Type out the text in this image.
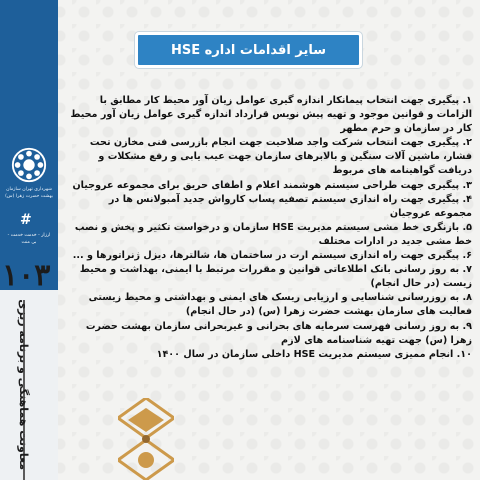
شهرداری تهران سازمان بهشت حضرت زهرا (س)
#
ارزار - خدمت خدمت - بی منت
۱۰۳
معاونت هماهنگی و برنامه ریزی
سایر اقدامات اداره HSE

۱. پیگیری جهت انتخاب پیمانکار اندازه گیری عوامل زیان آور محیط کار مطابق با الزامات و قوانین موجود و تهیه پیش نویس قرارداد اندازه گیری عوامل زیان آور محیط کار در سازمان و حرم مطهر

۲. پیگیری جهت انتخاب شرکت واجد صلاحیت جهت انجام بازرسی فنی مخازن تحت فشار، ماشین آلات سنگین و بالابرهای سازمان جهت عیب یابی و رفع مشکلات و دریافت گواهینامه های مربوط

۳. پیگیری جهت طراحی سیستم هوشمند اعلام و اطفای حریق برای مجموعه عروجیان

۴. پیگیری جهت راه اندازی سیستم تصفیه پساب کارواش جدید آمبولانس ها در مجموعه عروجیان

۵. بازنگری خط مشی سیستم مدیریت HSE سازمان و درخواست تکثیر و پخش و نصب خط مشی جدید در ادارات مختلف

۶. پیگیری جهت راه اندازی سیستم ارت در ساختمان ها، شالترها، دیزل ژنراتورها و ...

۷. به روز رسانی بانک اطلاعاتی قوانین و مقررات مرتبط با ایمنی، بهداشت و محیط زیست (در حال انجام)

۸. به روزرسانی شناسایی و ارزیابی ریسک های ایمنی و بهداشتی و محیط زیستی فعالیت های سازمان بهشت حضرت زهرا (س) (در حال انجام)

۹. به روز رسانی فهرست سرمایه های بحرانی و غیربحرانی سازمان بهشت حضرت زهرا (س) جهت تهیه شناسنامه های لازم

۱۰. انجام ممیزی سیستم مدیریت HSE داخلی سازمان در سال ۱۴۰۰
